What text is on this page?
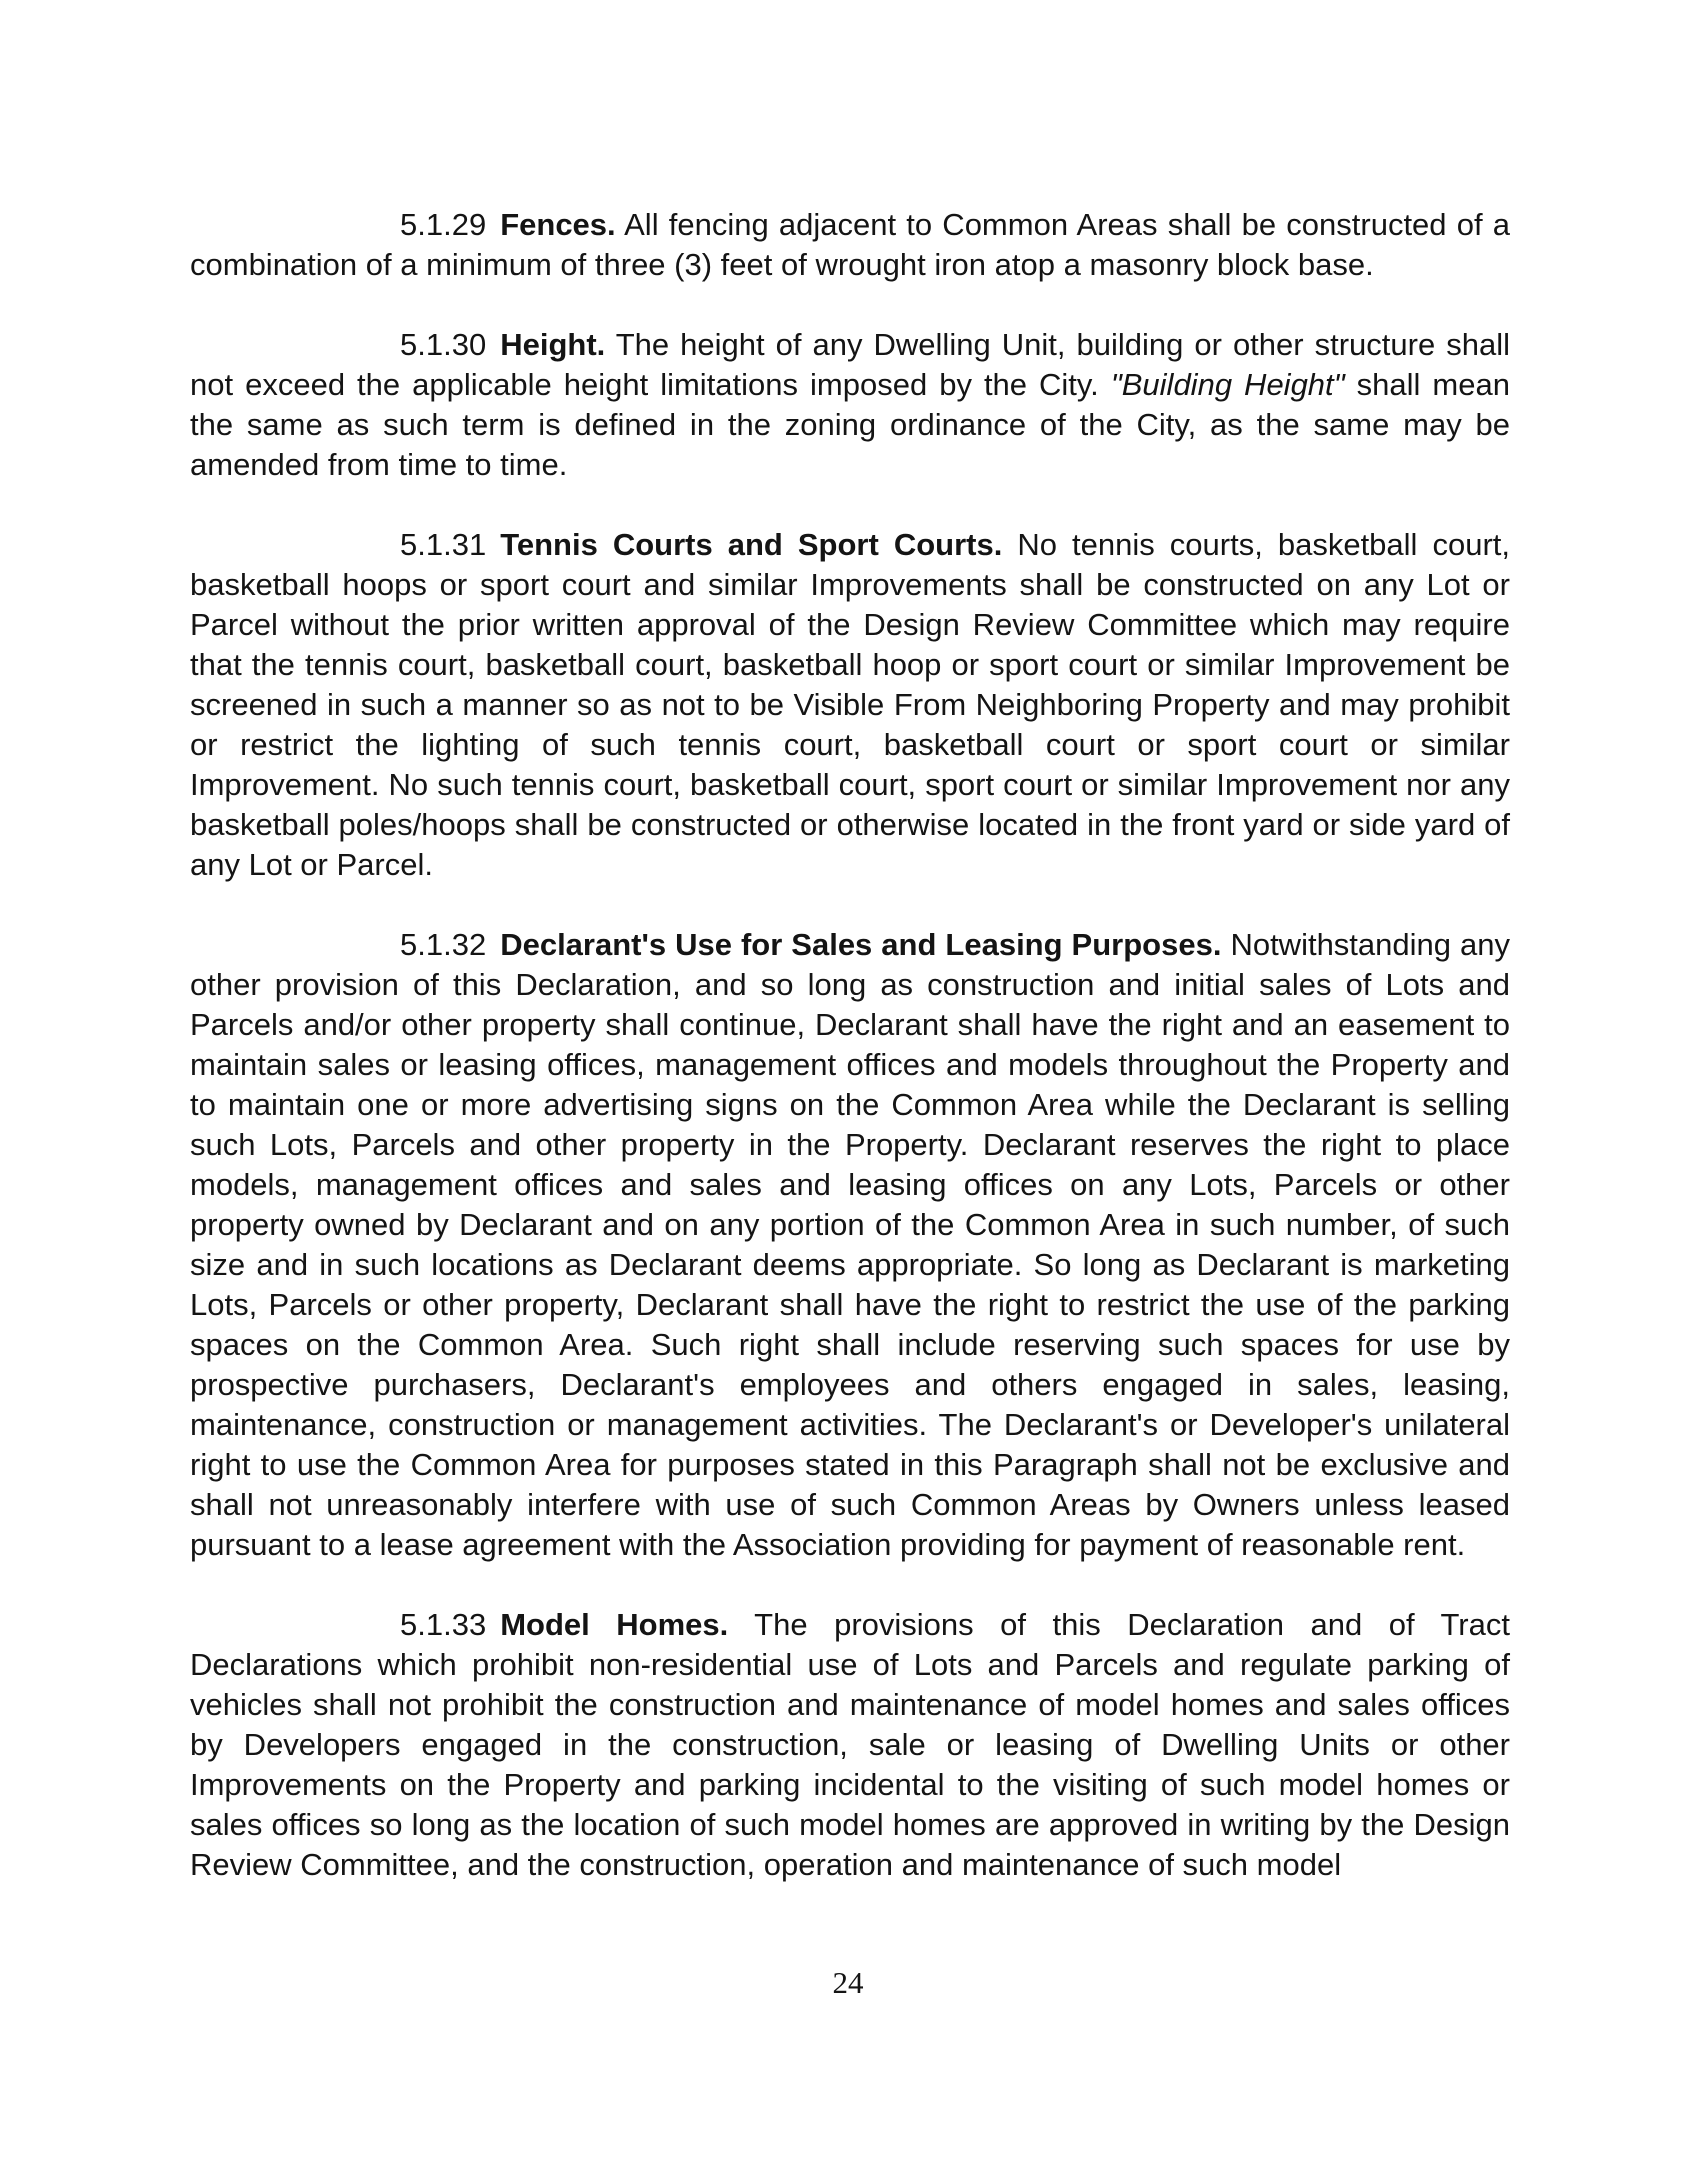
5.1.29 Fences. All fencing adjacent to Common Areas shall be constructed of a combination of a minimum of three (3) feet of wrought iron atop a masonry block base.

5.1.30 Height. The height of any Dwelling Unit, building or other structure shall not exceed the applicable height limitations imposed by the City. "Building Height" shall mean the same as such term is defined in the zoning ordinance of the City, as the same may be amended from time to time.

5.1.31 Tennis Courts and Sport Courts. No tennis courts, basketball court, basketball hoops or sport court and similar Improvements shall be constructed on any Lot or Parcel without the prior written approval of the Design Review Committee which may require that the tennis court, basketball court, basketball hoop or sport court or similar Improvement be screened in such a manner so as not to be Visible From Neighboring Property and may prohibit or restrict the lighting of such tennis court, basketball court or sport court or similar Improvement. No such tennis court, basketball court, sport court or similar Improvement nor any basketball poles/hoops shall be constructed or otherwise located in the front yard or side yard of any Lot or Parcel.

5.1.32 Declarant's Use for Sales and Leasing Purposes. Notwithstanding any other provision of this Declaration, and so long as construction and initial sales of Lots and Parcels and/or other property shall continue, Declarant shall have the right and an easement to maintain sales or leasing offices, management offices and models throughout the Property and to maintain one or more advertising signs on the Common Area while the Declarant is selling such Lots, Parcels and other property in the Property. Declarant reserves the right to place models, management offices and sales and leasing offices on any Lots, Parcels or other property owned by Declarant and on any portion of the Common Area in such number, of such size and in such locations as Declarant deems appropriate. So long as Declarant is marketing Lots, Parcels or other property, Declarant shall have the right to restrict the use of the parking spaces on the Common Area. Such right shall include reserving such spaces for use by prospective purchasers, Declarant's employees and others engaged in sales, leasing, maintenance, construction or management activities. The Declarant's or Developer's unilateral right to use the Common Area for purposes stated in this Paragraph shall not be exclusive and shall not unreasonably interfere with use of such Common Areas by Owners unless leased pursuant to a lease agreement with the Association providing for payment of reasonable rent.

5.1.33 Model Homes. The provisions of this Declaration and of Tract Declarations which prohibit non-residential use of Lots and Parcels and regulate parking of vehicles shall not prohibit the construction and maintenance of model homes and sales offices by Developers engaged in the construction, sale or leasing of Dwelling Units or other Improvements on the Property and parking incidental to the visiting of such model homes or sales offices so long as the location of such model homes are approved in writing by the Design Review Committee, and the construction, operation and maintenance of such model

24
